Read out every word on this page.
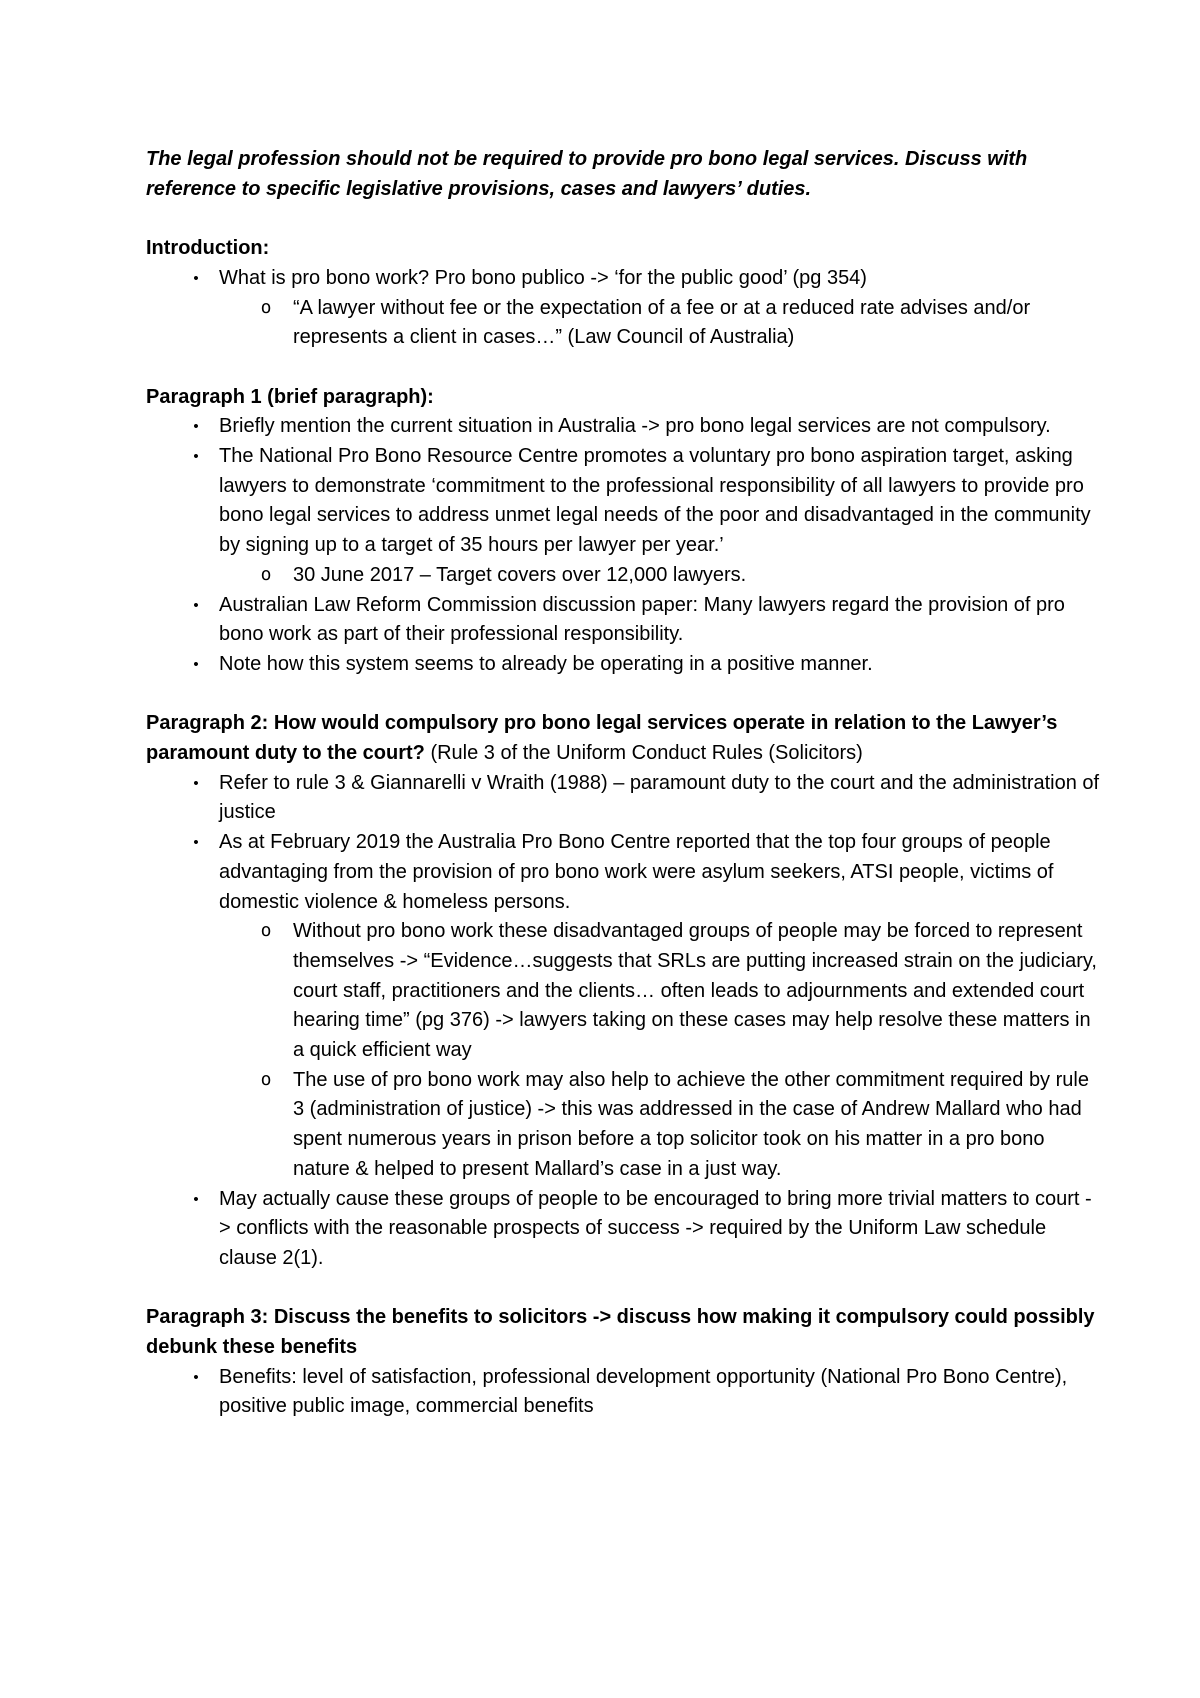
The legal profession should not be required to provide pro bono legal services. Discuss with reference to specific legislative provisions, cases and lawyers’ duties.

Introduction:

•	What is pro bono work? Pro bono publico -> ‘for the public good’ (pg 354)
o	“A lawyer without fee or the expectation of a fee or at a reduced rate advises and/or represents a client in cases…” (Law Council of Australia)

Paragraph 1 (brief paragraph):

•	Briefly mention the current situation in Australia -> pro bono legal services are not compulsory.
•	The National Pro Bono Resource Centre promotes a voluntary pro bono aspiration target, asking lawyers to demonstrate ‘commitment to the professional responsibility of all lawyers to provide pro bono legal services to address unmet legal needs of the poor and disadvantaged in the community by signing up to a target of 35 hours per lawyer per year.’
o	30 June 2017 – Target covers over 12,000 lawyers.
•	Australian Law Reform Commission discussion paper: Many lawyers regard the provision of pro bono work as part of their professional responsibility.
•	Note how this system seems to already be operating in a positive manner.

Paragraph 2: How would compulsory pro bono legal services operate in relation to the Lawyer’s paramount duty to the court? (Rule 3 of the Uniform Conduct Rules (Solicitors)

•	Refer to rule 3 & Giannarelli v Wraith (1988) – paramount duty to the court and the administration of justice
•	As at February 2019 the Australia Pro Bono Centre reported that the top four groups of people advantaging from the provision of pro bono work were asylum seekers, ATSI people, victims of domestic violence & homeless persons.
o	Without pro bono work these disadvantaged groups of people may be forced to represent themselves -> “Evidence…suggests that SRLs are putting increased strain on the judiciary, court staff, practitioners and the clients… often leads to adjournments and extended court hearing time” (pg 376) -> lawyers taking on these cases may help resolve these matters in a quick efficient way
o	The use of pro bono work may also help to achieve the other commitment required by rule 3 (administration of justice) -> this was addressed in the case of Andrew Mallard who had spent numerous years in prison before a top solicitor took on his matter in a pro bono nature & helped to present Mallard’s case in a just way.
•	May actually cause these groups of people to be encouraged to bring more trivial matters to court -> conflicts with the reasonable prospects of success -> required by the Uniform Law schedule clause 2(1).

Paragraph 3: Discuss the benefits to solicitors -> discuss how making it compulsory could possibly debunk these benefits

•	Benefits: level of satisfaction, professional development opportunity (National Pro Bono Centre), positive public image, commercial benefits
